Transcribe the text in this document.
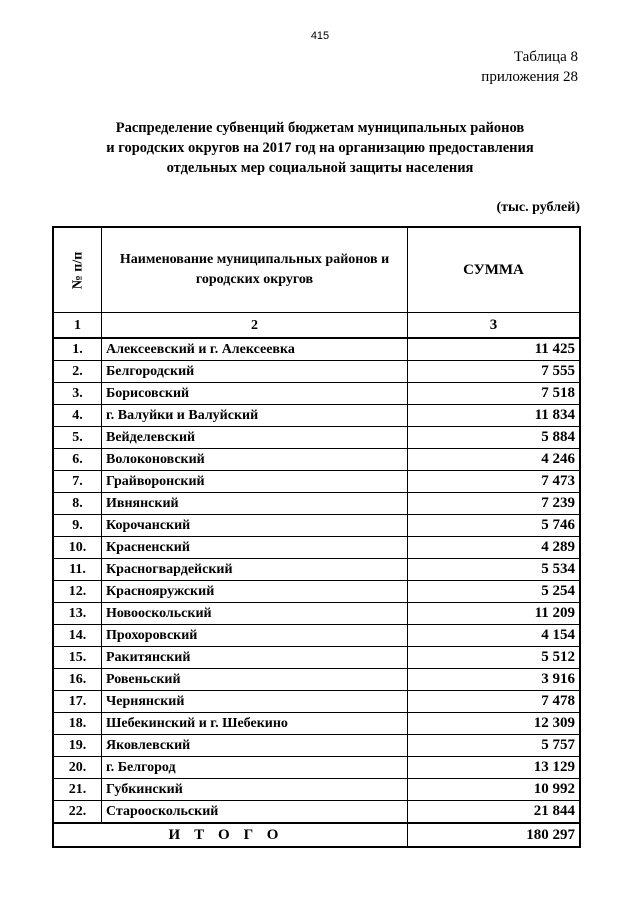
415
Таблица 8
приложения 28
Распределение субвенций бюджетам муниципальных районов
и городских округов на 2017 год на организацию предоставления
отдельных мер социальной защиты населения
(тыс. рублей)
№ п/п	Наименование муниципальных районов и городских округов	СУММА
1	2	3
1.	Алексеевский и г. Алексеевка	11 425
2.	Белгородский	7 555
3.	Борисовский	7 518
4.	г. Валуйки и Валуйский	11 834
5.	Вейделевский	5 884
6.	Волоконовский	4 246
7.	Грайворонский	7 473
8.	Ивнянский	7 239
9.	Корочанский	5 746
10.	Красненский	4 289
11.	Красногвардейский	5 534
12.	Краснояружский	5 254
13.	Новооскольский	11 209
14.	Прохоровский	4 154
15.	Ракитянский	5 512
16.	Ровеньский	3 916
17.	Чернянский	7 478
18.	Шебекинский и г. Шебекино	12 309
19.	Яковлевский	5 757
20.	г. Белгород	13 129
21.	Губкинский	10 992
22.	Старооскольский	21 844
ИТОГО		180 297
